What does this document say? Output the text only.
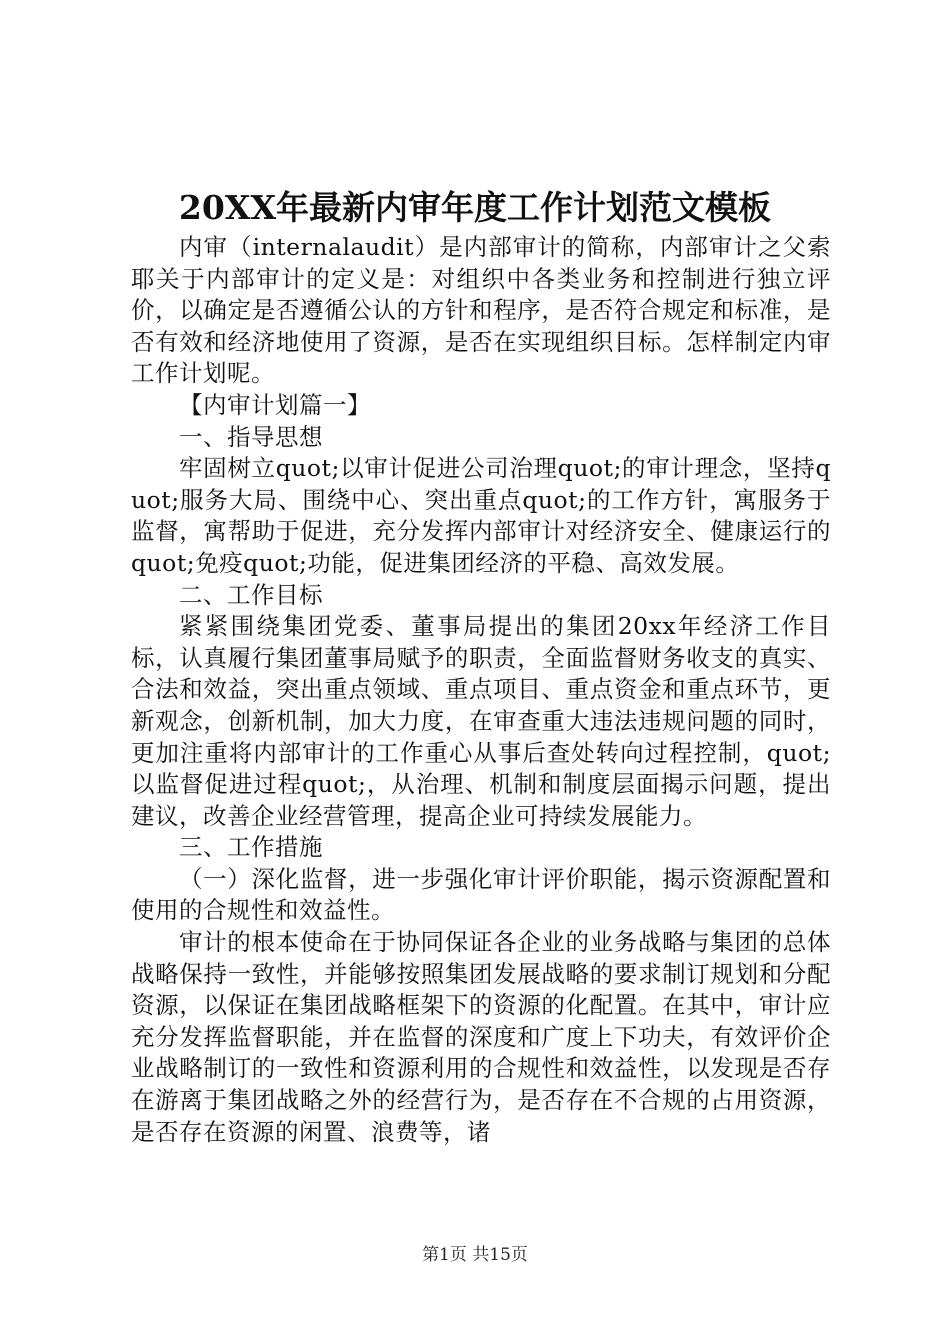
20XX年最新内审年度工作计划范文模板

内审（internalaudit）是内部审计的简称，内部审计之父索耶关于内部审计的定义是：对组织中各类业务和控制进行独立评价，以确定是否遵循公认的方针和程序，是否符合规定和标准，是否有效和经济地使用了资源，是否在实现组织目标。怎样制定内审工作计划呢。

【内审计划篇一】

一、指导思想

牢固树立quot;以审计促进公司治理quot;的审计理念，坚持quot;服务大局、围绕中心、突出重点quot;的工作方针，寓服务于监督，寓帮助于促进，充分发挥内部审计对经济安全、健康运行的quot;免疫quot;功能，促进集团经济的平稳、高效发展。

二、工作目标

紧紧围绕集团党委、董事局提出的集团20xx年经济工作目标，认真履行集团董事局赋予的职责，全面监督财务收支的真实、合法和效益，突出重点领域、重点项目、重点资金和重点环节，更新观念，创新机制，加大力度，在审查重大违法违规问题的同时，更加注重将内部审计的工作重心从事后查处转向过程控制，quot;以监督促进过程quot;，从治理、机制和制度层面揭示问题，提出建议，改善企业经营管理，提高企业可持续发展能力。

三、工作措施

（一）深化监督，进一步强化审计评价职能，揭示资源配置和使用的合规性和效益性。

审计的根本使命在于协同保证各企业的业务战略与集团的总体战略保持一致性，并能够按照集团发展战略的要求制订规划和分配资源，以保证在集团战略框架下的资源的化配置。在其中，审计应充分发挥监督职能，并在监督的深度和广度上下功夫，有效评价企业战略制订的一致性和资源利用的合规性和效益性，以发现是否存在游离于集团战略之外的经营行为，是否存在不合规的占用资源，是否存在资源的闲置、浪费等，诸

第1页 共15页
